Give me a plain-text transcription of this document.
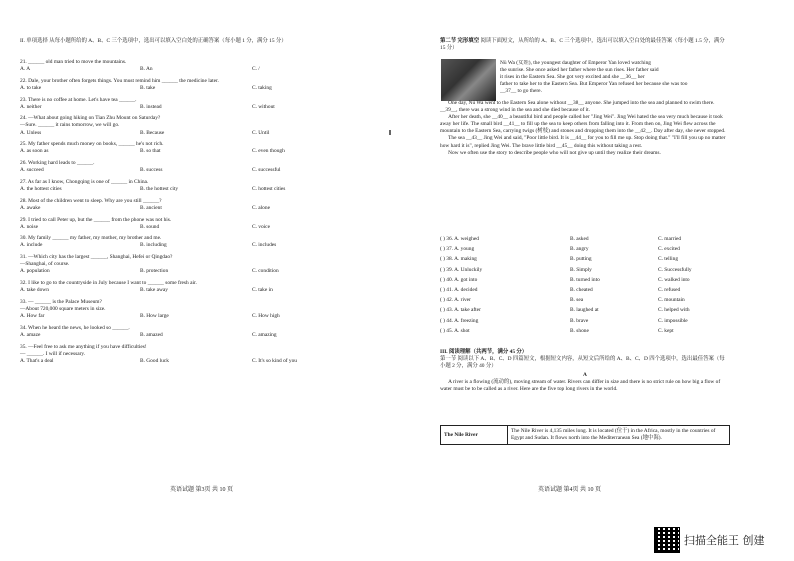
II. 单项选择 从每小题所给的 A、B、C 三个选项中，选出可以填入空白处的正确答案（每小题 1 分，满分 15 分）
21. ______ old man tried to move the mountains.
A. A	B. An	C. /
22. Dale, your brother often forgets things. You must remind him ______ the medicine later.
A. to take	B. take	C. taking
23. There is no coffee at home. Let's have tea ______.
A. neither	B. instead	C. without
24. —What about going hiking on Tian Zhu Mount on Saturday?
—Sure. ______ it rains tomorrow, we will go.
A. Unless	B. Because	C. Until
25. My father spends much money on books, ______ he's not rich.
A. as soon as	B. so that	C. even though
26. Working hard leads to ______.
A. succeed	B. success	C. successful
27. As far as I know, Chongqing is one of ______ in China.
A. the hottest cities	B. the hottest city	C. hottest cities
28. Most of the children went to sleep. Why are you still ______?
A. awake	B. ancient	C. alone
29. I tried to call Peter up, but the ______ from the phone was not his.
A. noise	B. sound	C. voice
30. My family ______ my father, my mother, my brother and me.
A. include	B. including	C. includes
31. —Which city has the largest ______, Shanghai, Hefei or Qingdao?
—Shanghai, of course.
A. population	B. protection	C. condition
32. I like to go to the countryside in July because I want to ______ some fresh air.
A. take down	B. take away	C. take in
33. — ______ is the Palace Museum?
—About 720,000 square meters in size.
A. How far	B. How large	C. How high
34. When he heard the news, he looked so ______.
A. amaze	B. amazed	C. amazing
35. —Feel free to ask me anything if you have difficulties!
— ______. I will if necessary.
A. That's a deal	B. Good luck	C. It's so kind of you
英语试题 第3页 共 10 页
第二节 完形填空 阅读下面短文，从所给的 A、B、C 三个选项中，选出可以填入空白处的最佳答案（每小题 1.5 分，满分 15 分）
Nü Wa (女娃), the youngest daughter of Emperor Yan loved watching
the sunrise. She once asked her father where the sun rises. Her father said
it rises in the Eastern Sea. She got very excited and she __36__ her
father to take her to the Eastern Sea. But Emperor Yan refused her because she was too
__37__ to go there.

One day, Nü Wa went to the Eastern Sea alone without __38__ anyone. She jumped into the sea and planned to swim there. __39__, there was a strong wind in the sea and she died because of it.

After her death, she __40__ a beautiful bird and people called her "Jing Wei". Jing Wei hated the sea very much because it took away her life. The small bird __41__ to fill up the sea to keep others from falling into it. From then on, Jing Wei flew across the mountain to the Eastern Sea, carrying twigs (树枝) and stones and dropping them into the __42__. Day after day, she never stopped.

The sea __43__ Jing Wei and said, "Poor little bird. It is __44__ for you to fill me up. Stop doing that." "I'll fill you up no matter how hard it is", replied Jing Wei. The brave little bird __45__ doing this without taking a rest.

Now we often use the story to describe people who will not give up until they realize their dreams.

( ) 36. A. weighed	B. asked	C. married
( ) 37. A. young	B. angry	C. excited
( ) 38. A. making	B. putting	C. telling
( ) 39. A. Unluckily	B. Simply	C. Successfully
( ) 40. A. got into	B. turned into	C. walked into
( ) 41. A. decided	B. cheated	C. refused
( ) 42. A. river	B. sea	C. mountain
( ) 43. A. take after	B. laughed at	C. helped with
( ) 44. A. freezing	B. brave	C. impossible
( ) 45. A. shot	B. shone	C. kept
III. 阅读理解（共两节，满分 45 分）
第一节 阅读以下 A、B、C、D 四篇短文，根据短文内容，从短文后所给的 A、B、C、D 四个选项中，选出最佳答案（每小题 2 分，满分 40 分）
A
A river is a flowing (流动的), moving stream of water. Rivers can differ in size and there is no strict rule on how big a flow of water must be to be called as a river. Here are the five top long rivers in the world.
The Nile River	The Nile River is 4,135 miles long. It is located (位于) in the Africa, mostly in the countries of Egypt and Sudan. It flows north into the Mediterranean Sea (地中海).
英语试题 第4页 共 10 页
扫描全能王 创建
